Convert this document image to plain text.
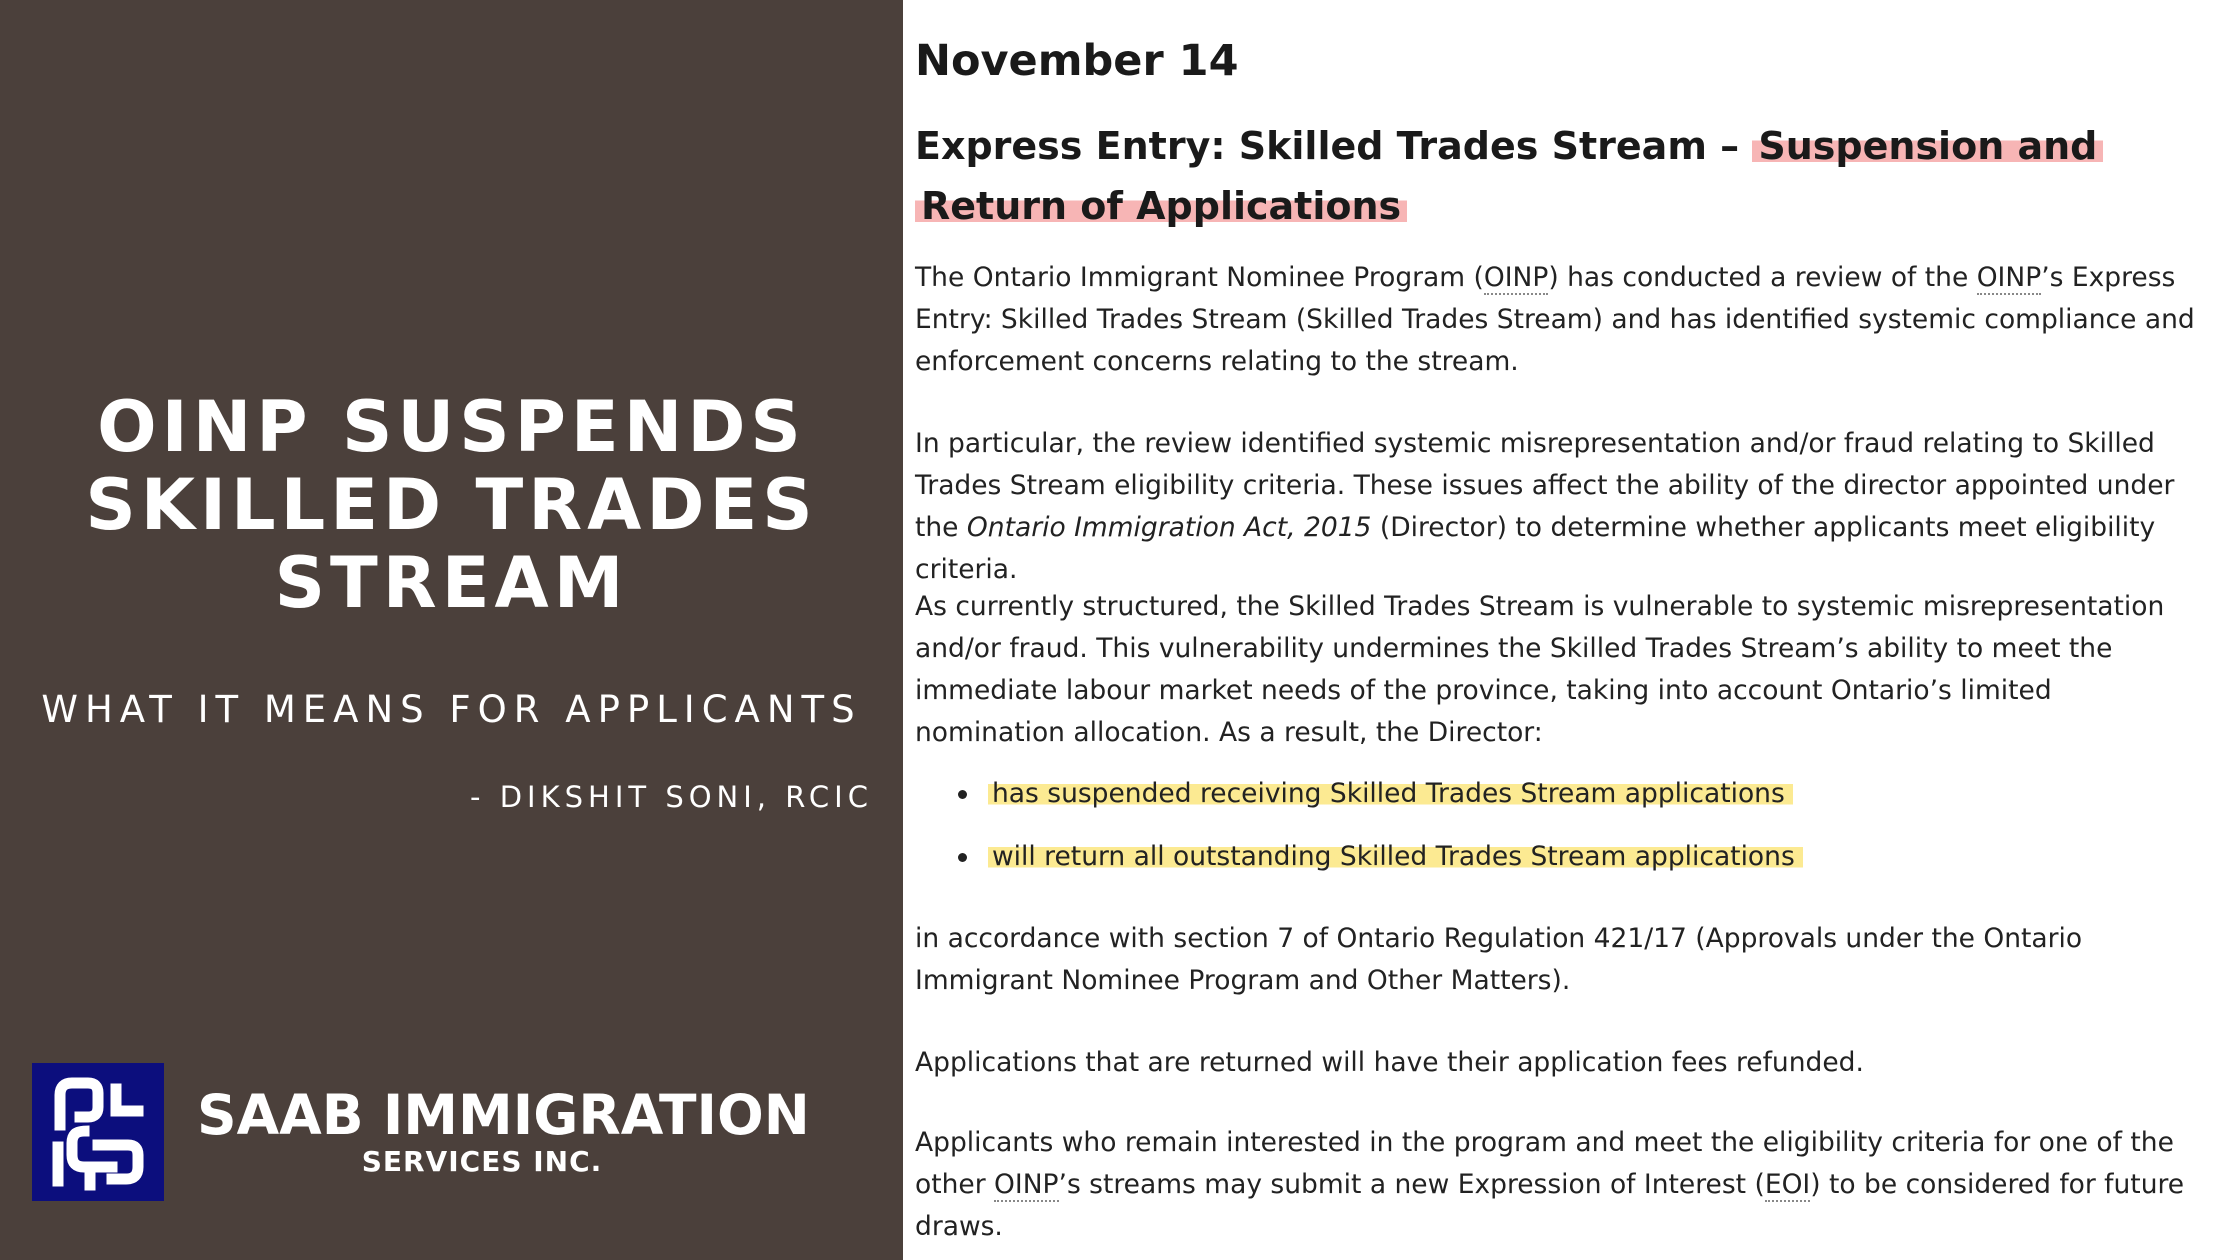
OINP SUSPENDS
SKILLED TRADES
STREAM

WHAT IT MEANS FOR APPLICANTS

- DIKSHIT SONI, RCIC

SAAB IMMIGRATION
SERVICES INC.
November 14
Express Entry: Skilled Trades Stream – Suspension and
Return of Applications

The Ontario Immigrant Nominee Program (OINP) has conducted a review of the OINP’s Express Entry: Skilled Trades Stream (Skilled Trades Stream) and has identified systemic compliance and enforcement concerns relating to the stream.

In particular, the review identified systemic misrepresentation and/or fraud relating to Skilled Trades Stream eligibility criteria. These issues affect the ability of the director appointed under the Ontario Immigration Act, 2015 (Director) to determine whether applicants meet eligibility criteria.

As currently structured, the Skilled Trades Stream is vulnerable to systemic misrepresentation and/or fraud. This vulnerability undermines the Skilled Trades Stream’s ability to meet the immediate labour market needs of the province, taking into account Ontario’s limited nomination allocation. As a result, the Director:

has suspended receiving Skilled Trades Stream applications
will return all outstanding Skilled Trades Stream applications

in accordance with section 7 of Ontario Regulation 421/17 (Approvals under the Ontario Immigrant Nominee Program and Other Matters).

Applications that are returned will have their application fees refunded.

Applicants who remain interested in the program and meet the eligibility criteria for one of the other OINP’s streams may submit a new Expression of Interest (EOI) to be considered for future draws.
